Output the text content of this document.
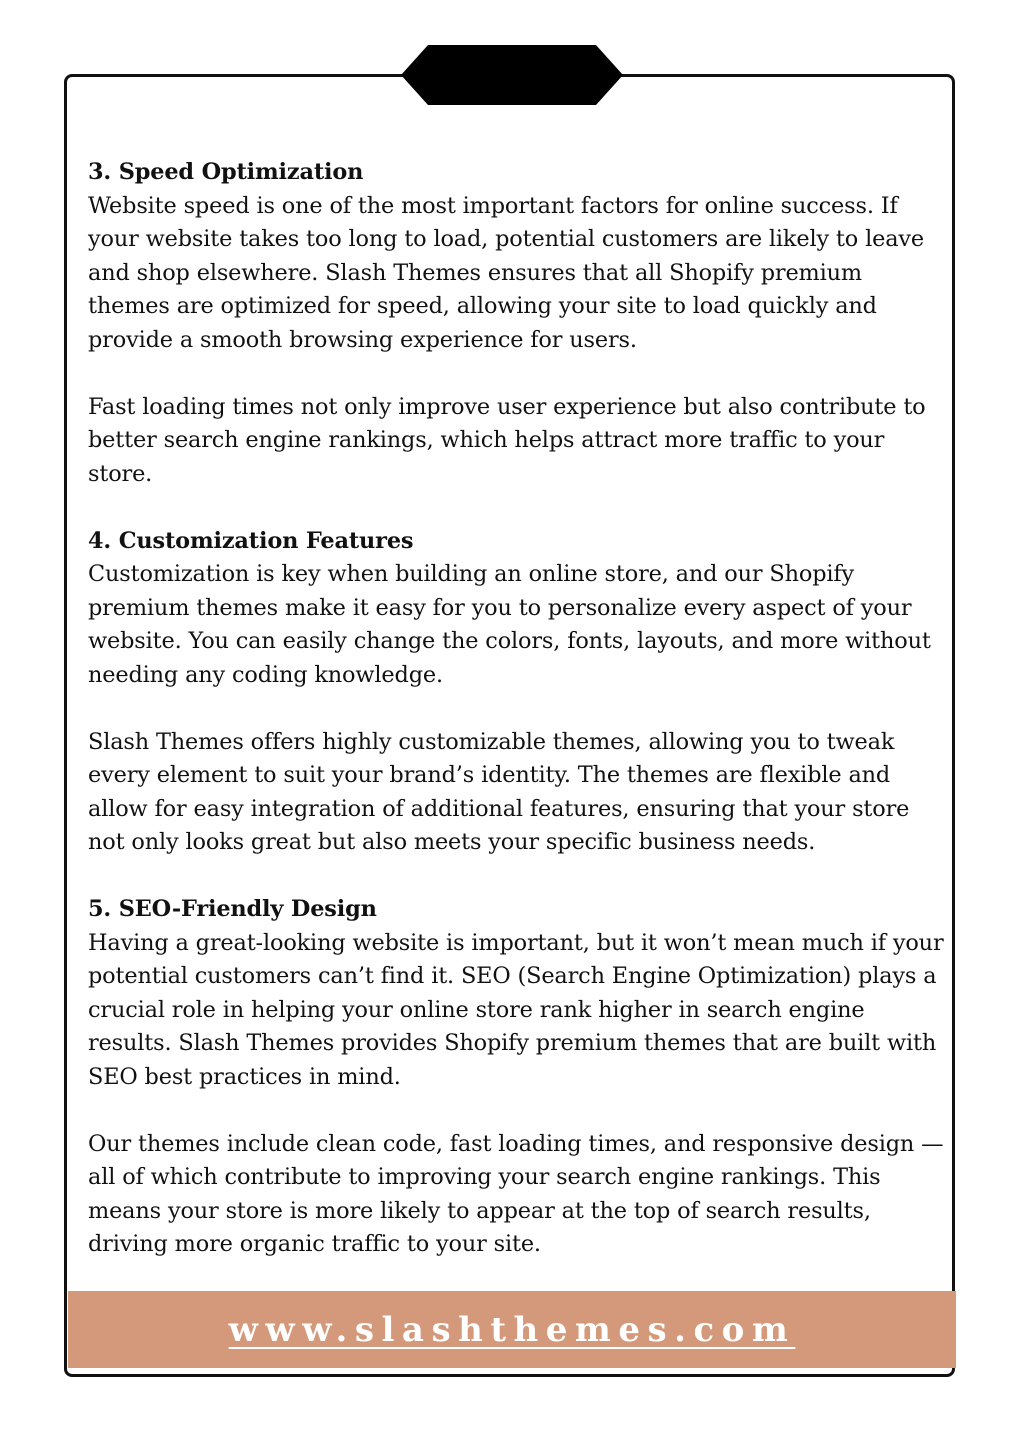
3. Speed Optimization

Website speed is one of the most important factors for online success. If your website takes too long to load, potential customers are likely to leave and shop elsewhere. Slash Themes ensures that all Shopify premium themes are optimized for speed, allowing your site to load quickly and provide a smooth browsing experience for users.

Fast loading times not only improve user experience but also contribute to better search engine rankings, which helps attract more traffic to your store.

4. Customization Features

Customization is key when building an online store, and our Shopify premium themes make it easy for you to personalize every aspect of your website. You can easily change the colors, fonts, layouts, and more without needing any coding knowledge.

Slash Themes offers highly customizable themes, allowing you to tweak every element to suit your brand’s identity. The themes are flexible and allow for easy integration of additional features, ensuring that your store not only looks great but also meets your specific business needs.

5. SEO-Friendly Design

Having a great-looking website is important, but it won’t mean much if your potential customers can’t find it. SEO (Search Engine Optimization) plays a crucial role in helping your online store rank higher in search engine results. Slash Themes provides Shopify premium themes that are built with SEO best practices in mind.

Our themes include clean code, fast loading times, and responsive design — all of which contribute to improving your search engine rankings. This means your store is more likely to appear at the top of search results, driving more organic traffic to your site.

www.slashthemes.com
